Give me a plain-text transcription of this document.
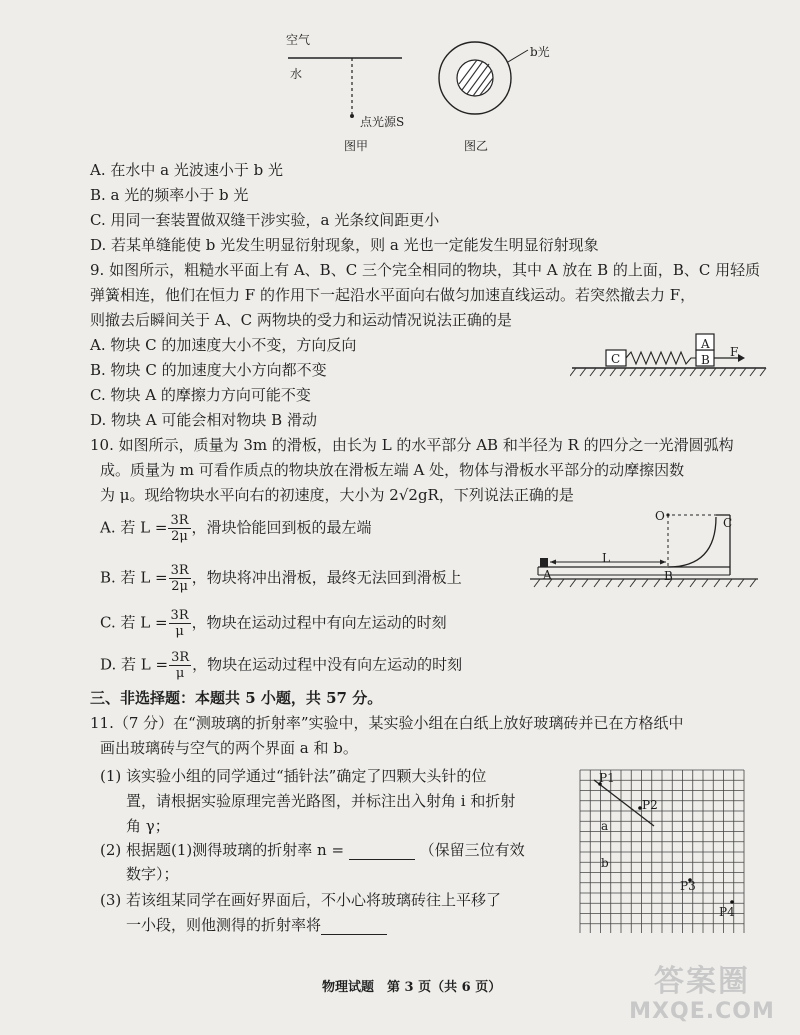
空气
水
点光源S
图甲	图乙
b光
A. 在水中 a 光波速小于 b 光
B. a 光的频率小于 b 光
C. 用同一套装置做双缝干涉实验，a 光条纹间距更小
D. 若某单缝能使 b 光发生明显衍射现象，则 a 光也一定能发生明显衍射现象
9. 如图所示，粗糙水平面上有 A、B、C 三个完全相同的物块，其中 A 放在 B 的上面，B、C 用轻质
弹簧相连，他们在恒力 F 的作用下一起沿水平面向右做匀加速直线运动。若突然撤去力 F，
则撤去后瞬间关于 A、C 两物块的受力和运动情况说法正确的是
A. 物块 C 的加速度大小不变，方向反向
B. 物块 C 的加速度大小方向都不变
C. 物块 A 的摩擦力方向可能不变
D. 物块 A 可能会相对物块 B 滑动
C
A
B
F
10. 如图所示，质量为 3m 的滑板，由长为 L 的水平部分 AB 和半径为 R 的四分之一光滑圆弧构
成。质量为 m 可看作质点的物块放在滑板左端 A 处，物体与滑板水平部分的动摩擦因数
为 μ。现给物块水平向右的初速度，大小为 2√2gR，下列说法正确的是
A. 若 $L = \frac{3R}{2\mu}$ ，滑块恰能回到板的最左端
B. 若 $L = \frac{3R}{2\mu}$ ，物块将冲出滑板，最终无法回到滑板上
C. 若 $L = \frac{3R}{\mu}$ ，物块在运动过程中有向左运动的时刻
D. 若 $L = \frac{3R}{\mu}$ ，物块在运动过程中没有向左运动的时刻
O	C
A	B
L
三、非选择题：本题共 5 小题，共 57 分。
11.（7 分）在“测玻璃的折射率”实验中，某实验小组在白纸上放好玻璃砖并已在方格纸中
画出玻璃砖与空气的两个界面 a 和 b。
(1) 该实验小组的同学通过“插针法”确定了四颗大头针的位
置，请根据实验原理完善光路图，并标注出入射角 i 和折射
角 γ；
(2) 根据题(1)测得玻璃的折射率 n =	（保留三位有效
数字）；
(3) 若该组某同学在画好界面后，不小心将玻璃砖往上平移了
一小段，则他测得的折射率将
P1
P2
a
b
P3
P4
物理试题　第 3 页（共 6 页）	答案圈
MXQE.COM
